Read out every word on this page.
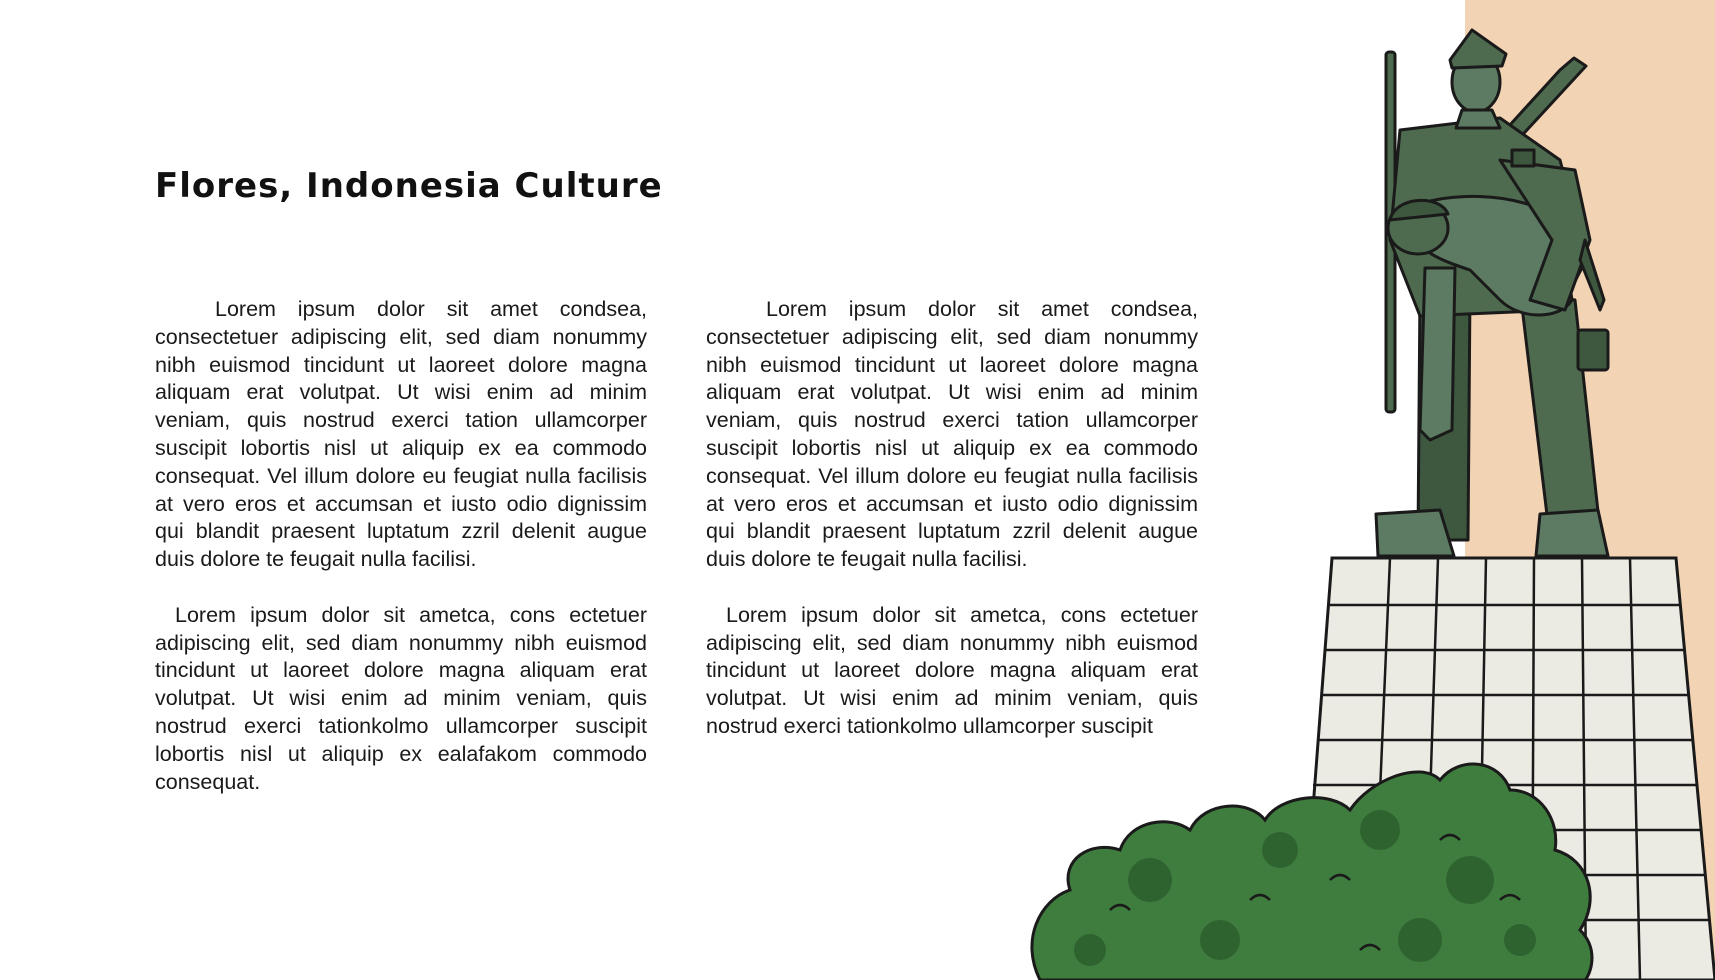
Flores, Indonesia Culture

Lorem ipsum dolor sit amet condsea, consectetuer adipiscing elit, sed diam nonummy nibh euismod tincidunt ut laoreet dolore magna aliquam erat volutpat. Ut wisi enim ad minim veniam, quis nostrud exerci tation ullamcorper suscipit lobortis nisl ut aliquip ex ea commodo consequat. Vel illum dolore eu feugiat nulla facilisis at vero eros et accumsan et iusto odio dignissim qui blandit praesent luptatum zzril delenit augue duis dolore te feugait nulla facilisi.

Lorem ipsum dolor sit ametca, cons ectetuer adipiscing elit, sed diam nonummy nibh euismod tincidunt ut laoreet dolore magna aliquam erat volutpat. Ut wisi enim ad minim veniam, quis nostrud exerci tationkolmo ullamcorper suscipit lobortis nisl ut aliquip ex ealafakom commodo consequat.

Lorem ipsum dolor sit amet condsea, consectetuer adipiscing elit, sed diam nonummy nibh euismod tincidunt ut laoreet dolore magna aliquam erat volutpat. Ut wisi enim ad minim veniam, quis nostrud exerci tation ullamcorper suscipit lobortis nisl ut aliquip ex ea commodo consequat. Vel illum dolore eu feugiat nulla facilisis at vero eros et accumsan et iusto odio dignissim qui blandit praesent luptatum zzril delenit augue duis dolore te feugait nulla facilisi.

Lorem ipsum dolor sit ametca, cons ectetuer adipiscing elit, sed diam nonummy nibh euismod tincidunt ut laoreet dolore magna aliquam erat volutpat. Ut wisi enim ad minim veniam, quis nostrud exerci tationkolmo ullamcorper suscipit
